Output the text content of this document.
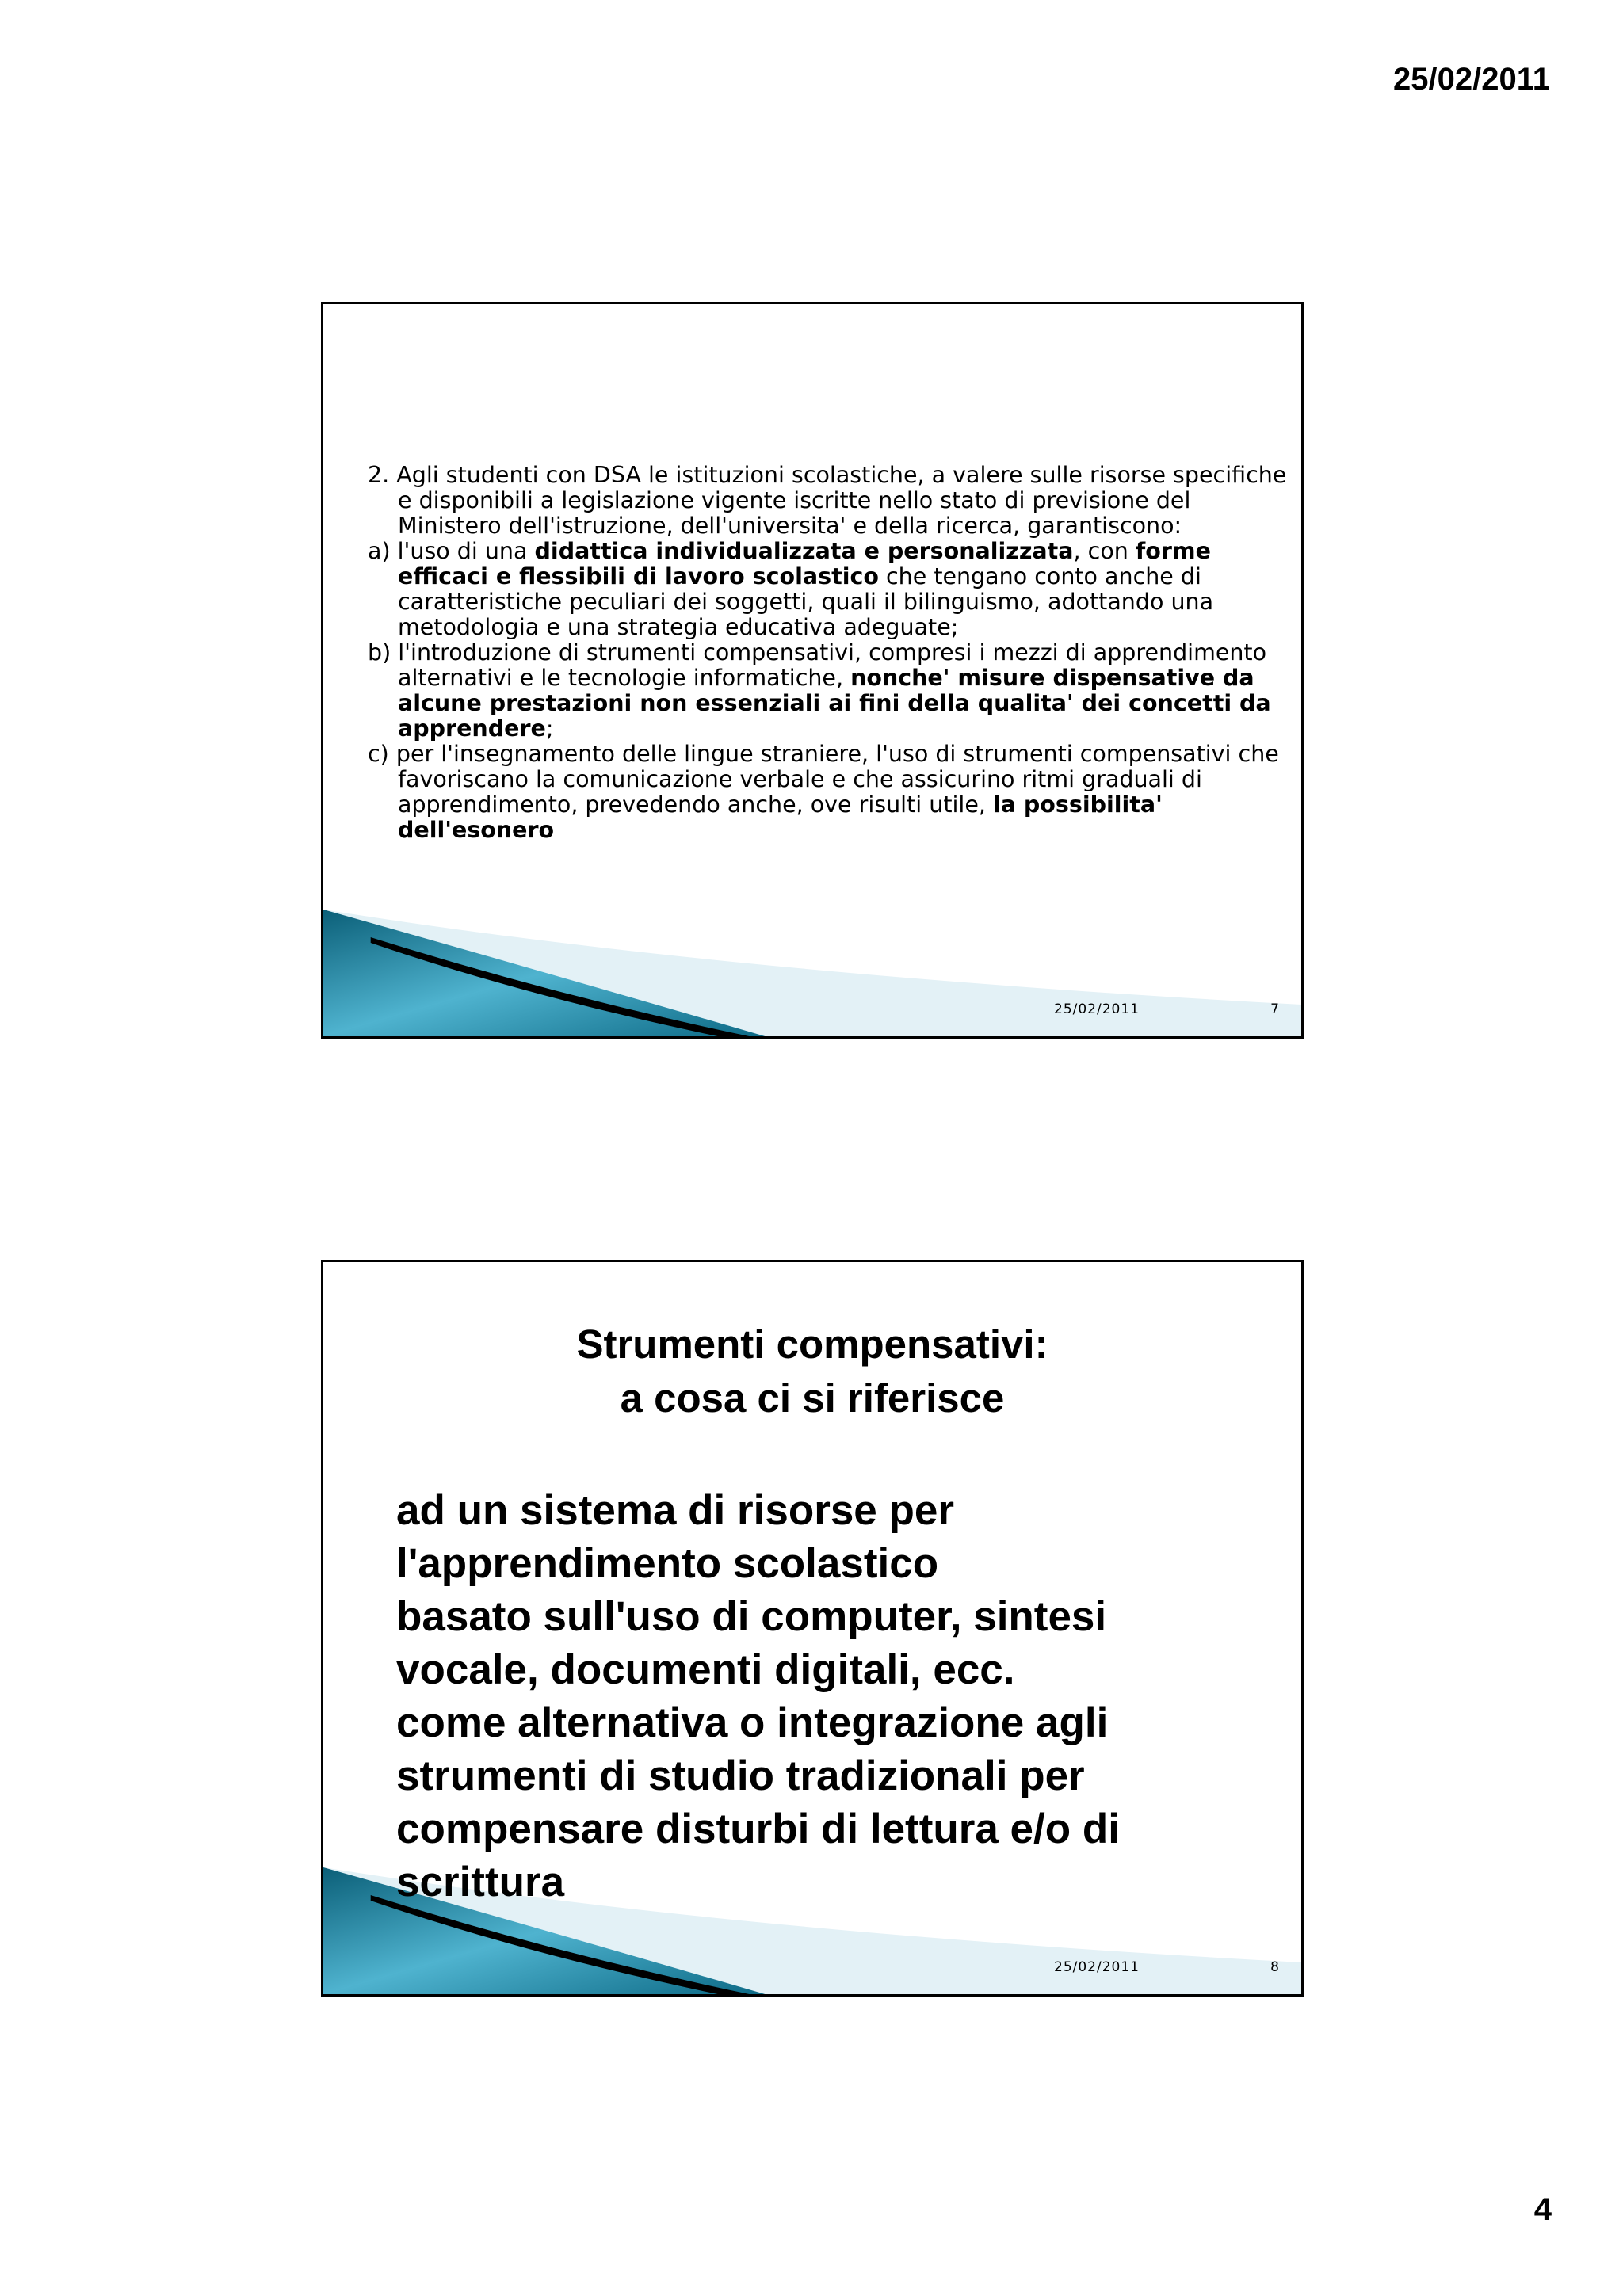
25/02/2011

2. Agli studenti con DSA le istituzioni scolastiche, a valere sulle risorse specifiche e disponibili a legislazione vigente iscritte nello stato di previsione del Ministero dell'istruzione, dell'universita' e della ricerca, garantiscono:

a) l'uso di una didattica individualizzata e personalizzata, con forme efficaci e flessibili di lavoro scolastico che tengano conto anche di caratteristiche peculiari dei soggetti, quali il bilinguismo, adottando una metodologia e una strategia educativa adeguate;

b) l'introduzione di strumenti compensativi, compresi i mezzi di apprendimento alternativi e le tecnologie informatiche, nonche' misure dispensative da alcune prestazioni non essenziali ai fini della qualita' dei concetti da apprendere;

c) per l'insegnamento delle lingue straniere, l'uso di strumenti compensativi che favoriscano la comunicazione verbale e che assicurino ritmi graduali di apprendimento, prevedendo anche, ove risulti utile, la possibilita' dell'esonero

25/02/2011	7
Strumenti compensativi:
a cosa ci si riferisce
ad un sistema di risorse per
l'apprendimento scolastico
basato sull'uso di computer, sintesi
vocale, documenti digitali, ecc.
come alternativa o integrazione agli
strumenti di studio tradizionali per
compensare disturbi di lettura e/o di
scrittura
25/02/2011	8
4
